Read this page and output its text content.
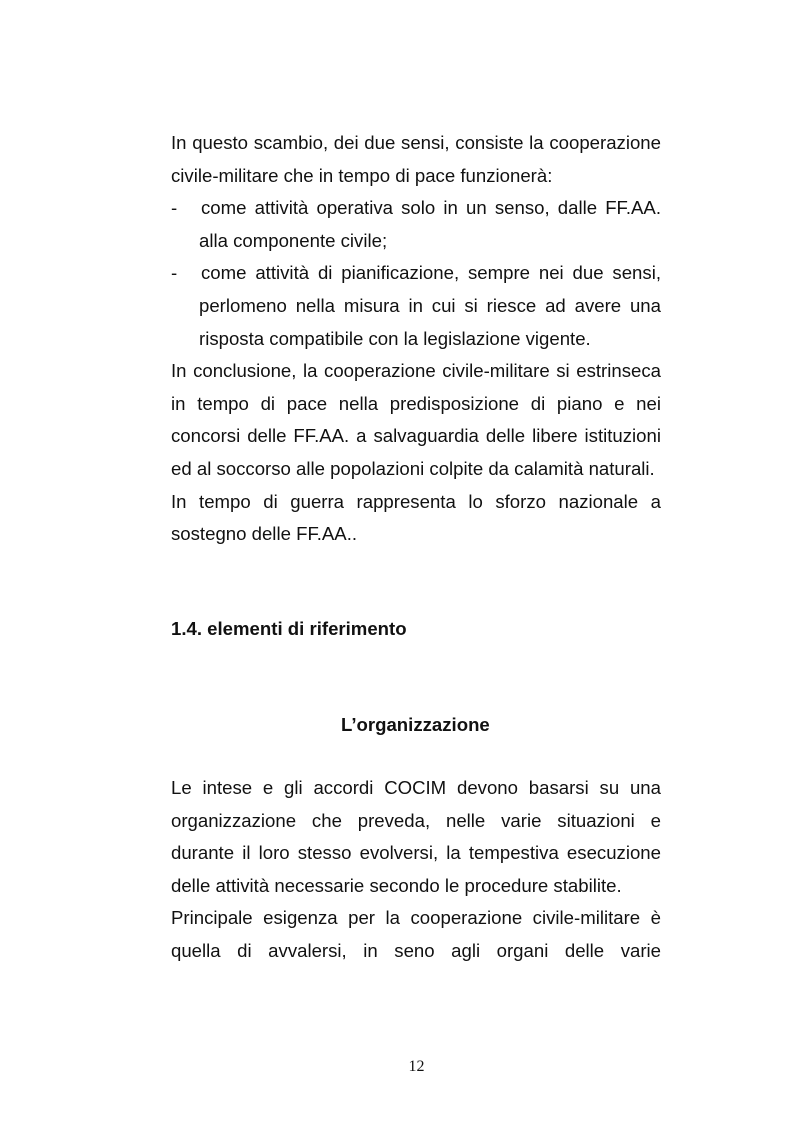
In questo scambio, dei due sensi, consiste la cooperazione
civile-militare che in tempo di pace funzionerà:
-	come attività operativa solo in un senso, dalle FF.AA.
alla componente civile;
-	come attività di pianificazione, sempre nei due sensi,
perlomeno nella misura in cui si riesce ad avere una
risposta compatibile con la legislazione vigente.
In conclusione, la cooperazione civile-militare si estrinseca
in tempo di pace nella predisposizione di piano e nei
concorsi delle FF.AA. a salvaguardia delle libere istituzioni
ed al soccorso alle popolazioni colpite da calamità naturali.
In tempo di guerra rappresenta lo sforzo nazionale a
sostegno delle FF.AA..
1.4. elementi di riferimento
L’organizzazione
Le intese e gli accordi COCIM devono basarsi su una
organizzazione che preveda, nelle varie situazioni e
durante il loro stesso evolversi, la tempestiva esecuzione
delle attività necessarie secondo le procedure stabilite.
Principale esigenza per la cooperazione civile-militare è
quella di avvalersi, in seno agli organi delle varie
12
